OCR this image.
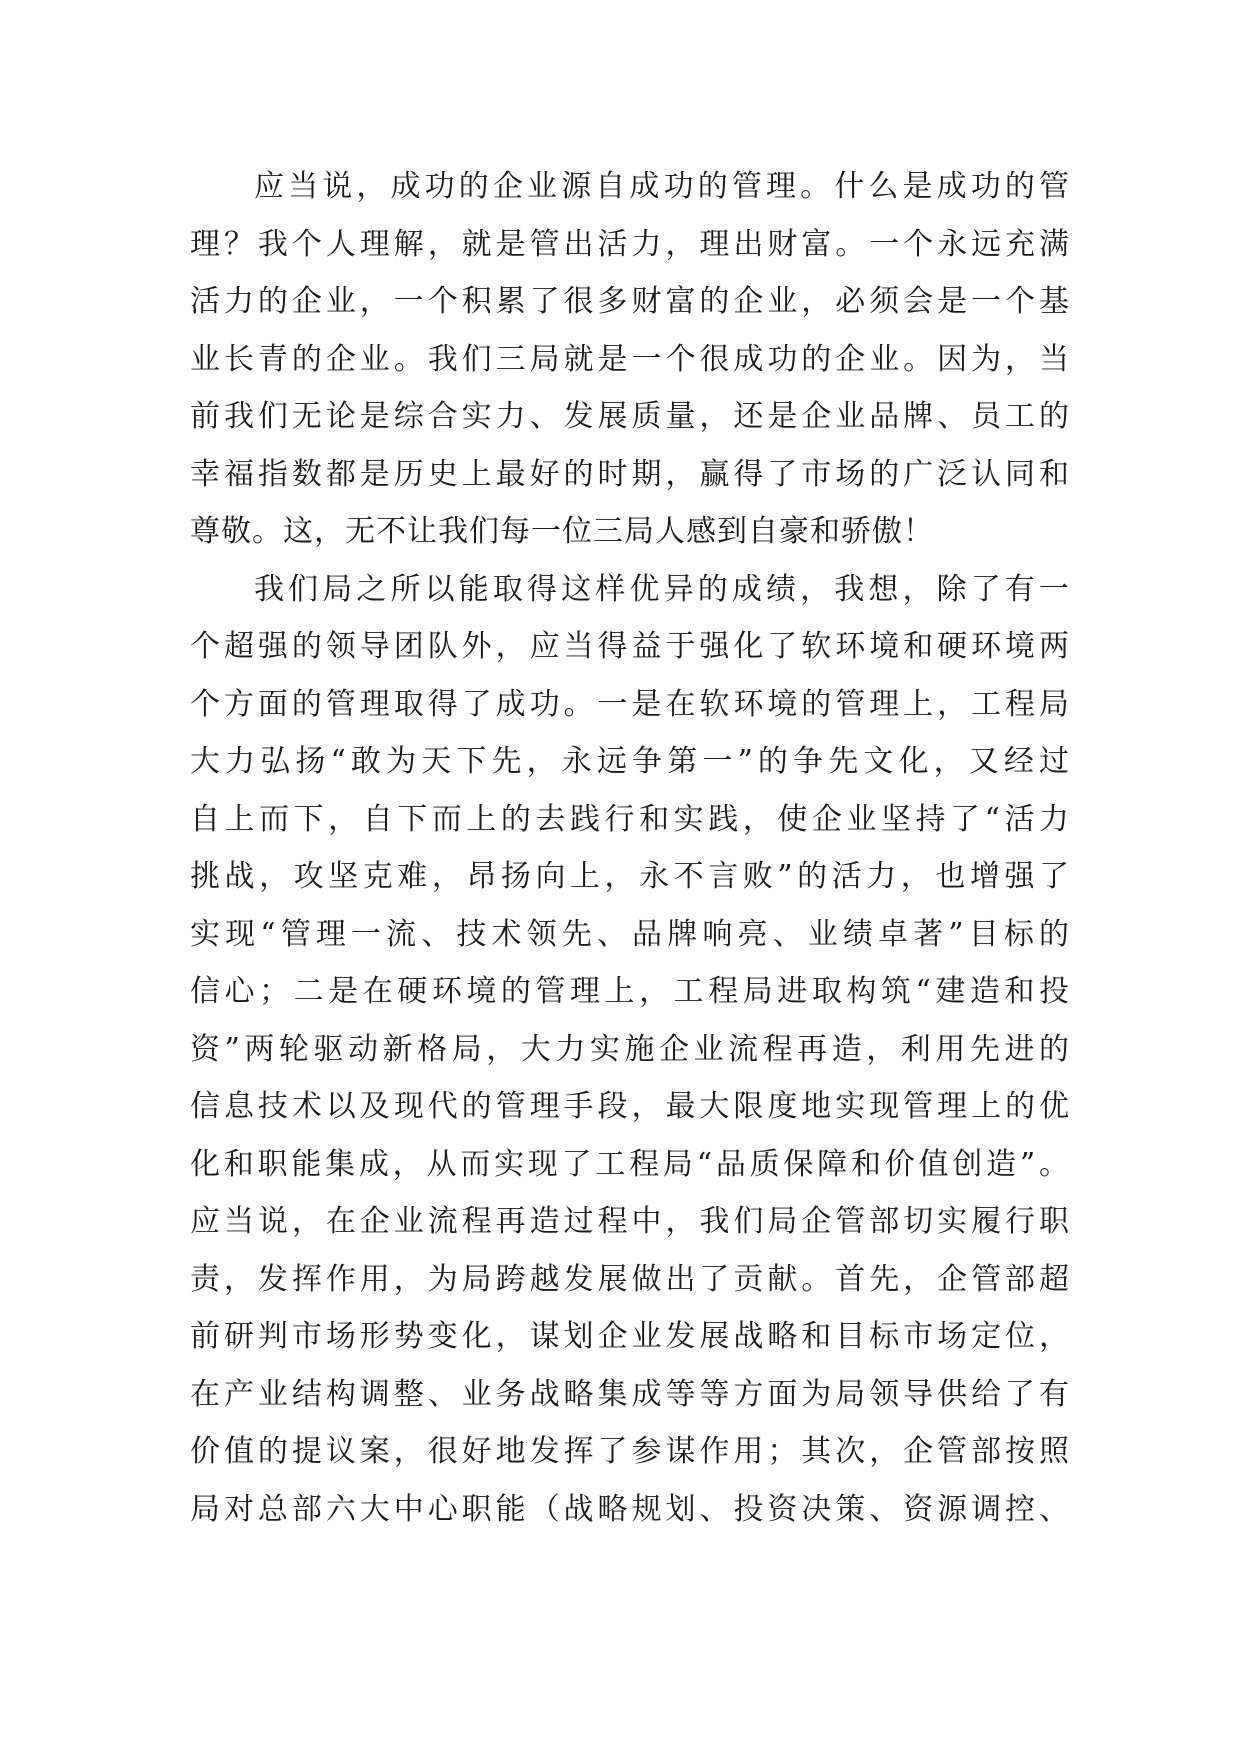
应当说，成功的企业源自成功的管理。什么是成功的管
理？我个人理解，就是管出活力，理出财富。一个永远充满
活力的企业，一个积累了很多财富的企业，必须会是一个基
业长青的企业。我们三局就是一个很成功的企业。因为，当
前我们无论是综合实力、发展质量，还是企业品牌、员工的
幸福指数都是历史上最好的时期，赢得了市场的广泛认同和
尊敬。这，无不让我们每一位三局人感到自豪和骄傲！
我们局之所以能取得这样优异的成绩，我想，除了有一
个超强的领导团队外，应当得益于强化了软环境和硬环境两
个方面的管理取得了成功。一是在软环境的管理上，工程局
大力弘扬“敢为天下先，永远争第一”的争先文化，又经过
自上而下，自下而上的去践行和实践，使企业坚持了“活力
挑战，攻坚克难，昂扬向上，永不言败”的活力，也增强了
实现“管理一流、技术领先、品牌响亮、业绩卓著”目标的
信心；二是在硬环境的管理上，工程局进取构筑“建造和投
资”两轮驱动新格局，大力实施企业流程再造，利用先进的
信息技术以及现代的管理手段，最大限度地实现管理上的优
化和职能集成，从而实现了工程局“品质保障和价值创造”。
应当说，在企业流程再造过程中，我们局企管部切实履行职
责，发挥作用，为局跨越发展做出了贡献。首先，企管部超
前研判市场形势变化，谋划企业发展战略和目标市场定位，
在产业结构调整、业务战略集成等等方面为局领导供给了有
价值的提议案，很好地发挥了参谋作用；其次，企管部按照
局对总部六大中心职能（战略规划、投资决策、资源调控、
